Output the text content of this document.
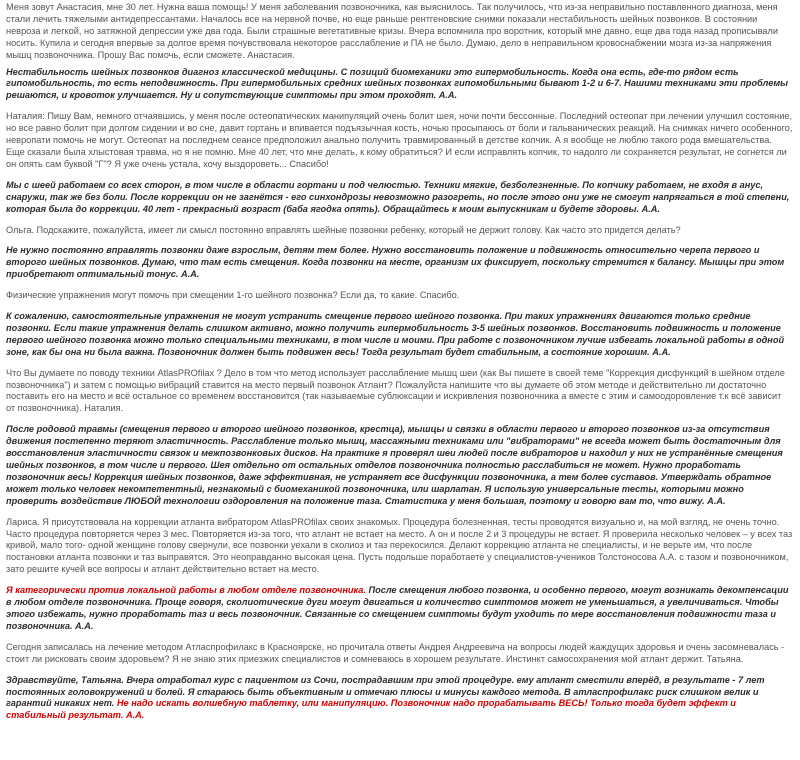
Меня зовут Анастасия, мне 30 лет. Нужна ваша помощь! У меня заболевания позвоночника, как выяснилось. Так получилось, что из-за неправильно поставленного диагноза, меня стали лечить тяжелыми антидепрессантами. Началось все на нервной почве, но еще раньше рентгеновские снимки показали нестабильность шейных позвонков. В состоянии невроза и легкой, но затяжной депрессии уже два года. Были страшные вегетативные кризы. Вчера вспомнила про воротник, который мне давно, еще два года назад прописывали носить. Купила и сегодня впервые за долгое время почувствовала некоторое расслабление и ПА не было. Думаю, дело в неправильном кровоснабжении мозга из-за напряжения мышц позвоночника. Прошу Вас помочь, если сможете. Анастасия.

Нестабильность шейных позвонков диагноз классической медицины. С позиций биомеханики это гипермобильность. Когда она есть, где-то рядом есть гипомобильность, то есть неподвижность. При гипермобильных средних шейных позвонках гипомобильными бывают 1-2 и 6-7. Нашими техниками эти проблемы решаются, и кровоток улучшается. Ну и сопутствующие симптомы при этом проходят. А.А.

Наталия: Пишу Вам, немного отчаявшись, у меня после остеопатических манипуляций очень болит шея, ночи почти бессонные. Последний остеопат при лечении улучшил состояние, но все равно болит при долгом сидении и во сне, давит гортань и впивается подъязычная кость, ночью просыпаюсь от боли и гальванических реакций. На снимках ничего особенного, невропати помочь не могут. Остеопат на последнем сеансе предположил анально получить травмированный в детстве копчик. А я вообще не люблю такого рода вмешательства. Еще сказали была хлыстовая травма, но я не помню. Мне 40 лет, что мне делать, к кому обратиться? И если исправлять копчик, то надолго ли сохраняется результат, не согнется ли он опять сам буквой "Г"? Я уже очень устала, хочу выздороветь... Спасибо!

Мы с шеей работаем со всех сторон, в том числе в области гортани и под челюстью. Техники мягкие, безболезненные. По копчику работаем, не входя в анус, снаружи, так же без боли. После коррекции он не загнётся - его синхондрозы невозможно разогреть, но после этого они уже не смогут напрягаться в той степени, которая была до коррекции. 40 лет - прекрасный возраст (баба ягодка опять). Обращайтесь к моим выпускникам и будете здоровы. А.А.

Ольга. Подскажите, пожалуйста, имеет ли смысл постоянно вправлять шейные позвонки ребенку, который не держит голову. Как часто это придется делать?

Не нужно постоянно вправлять позвонки даже взрослым, детям тем более. Нужно восстановить положение и подвижность относительно черепа первого и второго шейных позвонков. Думаю, что там есть смещения. Когда позвонки на месте, организм их фиксирует, поскольку стремится к балансу. Мышцы при этом приобретают оптимальный тонус. А.А.

Физические упражнения могут помочь при смещении 1-го шейного позвонка? Если да, то какие. Спасибо.

К сожалению, самостоятельные упражнения не могут устранить смещение первого шейного позвонка. При таких упражнениях двигаются только средние позвонки. Если такие упражнения делать слишком активно, можно получить гипермобильность 3-5 шейных позвонков. Восстановить подвижность и положение первого шейного позвонка можно только специальными техниками, в том числе и моими. При работе с позвоночником лучше избегать локальной работы в одной зоне, как бы она ни была важна. Позвоночник должен быть подвижен весь! Тогда результат будет стабильным, а состояние хорошим. А.А.

Что Вы думаете по поводу техники AtlasPROfilax ? Дело в том что метод использует расслабление мышц шеи (как Вы пишете в своей теме "Коррекция дисфункций в шейном отделе позвоночника") и затем с помощью вибраций ставится на место первый позвонок Атлант? Пожалуйста напишите что вы думаете об этом методе и действительно ли достаточно поставить его на место и всё остальное со временем восстановится (так называемые сублюксации и искривления позвоночника а вместе с этим и самоодоровление т.к всё зависит от позвоночника). Наталия.

После родовой травмы (смещения первого и второго шейного позвонков, крестца), мышцы и связки в области первого и второго позвонков из-за отсутствия движения постепенно теряют эластичность. Расслабление только мышц, массажными техниками или "вибраторами" не всегда может быть достаточным для восстановления эластичности связок и межпозвонковых дисков. На практике я проверял шеи людей после вибраторов и находил у них не устранённые смещения шейных позвонков, в том числе и первого. Шея отдельно от остальных отделов позвоночника полностью расслабиться не может. Нужно проработать позвоночник весь! Коррекция шейных позвонков, даже эффективная, не устраняет все дисфункции позвоночника, а тем более суставов. Утверждать обратное может только человек некомпетентный, незнакомый с биомеханикой позвоночника, или шарлатан. Я использую универсальные тесты, которыми можно проверить воздействие ЛЮБОЙ технологии оздоровления на положение таза. Статистика у меня большая, поэтому и говорю вам то, что вижу. А.А.

Лариса. Я присутствовала на коррекции атланта вибратором AtlasPROfilax своих знакомых. Процедура болезненная, тесты проводятся визуально и, на мой взгляд, не очень точно. Часто процедура повторяется через 3 мес. Повторяется из-за того, что атлант не встает на место. А он и после 2 и 3 процедуры не встает. Я проверила несколько человек – у всех таз кривой, мало того- одной женщине голову свернули, все позвонки уехали в сколиоз и таз перекосился. Делают коррекцию атланта не специалисты, и не верьте им, что после постановки атланта позвонки и таз выправятся. Это неоправданно высокая цена. Пусть подольше поработаете у специалистов-учеников Толстоносова А.А. с тазом и позвоночником, зато решите кучей все вопросы и атлант действительно встает на место.

Я категорически против локальной работы в любом отделе позвоночника. После смещения любого позвонка, и особенно первого, могут возникать декомпенсации в любом отделе позвоночника. Проще говоря, сколиотические дуги могут двигаться и количество симптомов может не уменьшаться, а увеличиваться. Чтобы этого избежать, нужно проработать таз и весь позвоночник. Связанные со смещением симптомы будут уходить по мере восстановления подвижности таза и позвоночника. А.А.

Сегодня записалась на лечение методом Атласпрофилакс в Красноярске, но прочитала ответы Андрея Андреевича на вопросы людей жаждущих здоровья и очень засомневалась - стоит ли рисковать своим здоровьем? Я не знаю этих приезжих специалистов и сомневаюсь в хорошем результате. Инстинкт самосохранения мой атлант держит. Татьяна.

Здравствуйте, Татьяна. Вчера отработал курс с пациентом из Сочи, пострадавшим при этой процедуре. ему атлант сместили вперёд, в результате - 7 лет постоянных головокружений и болей. Я стараюсь быть объективным и отмечаю плюсы и минусы каждого метода. В атласпрофилакс риск слишком велик и гарантий никаких нет. Не надо искать волшебную таблетку, или манипуляцию. Позвоночник надо прорабатывать ВЕСЬ! Только тогда будет эффект и стабильный результат. А.А.
